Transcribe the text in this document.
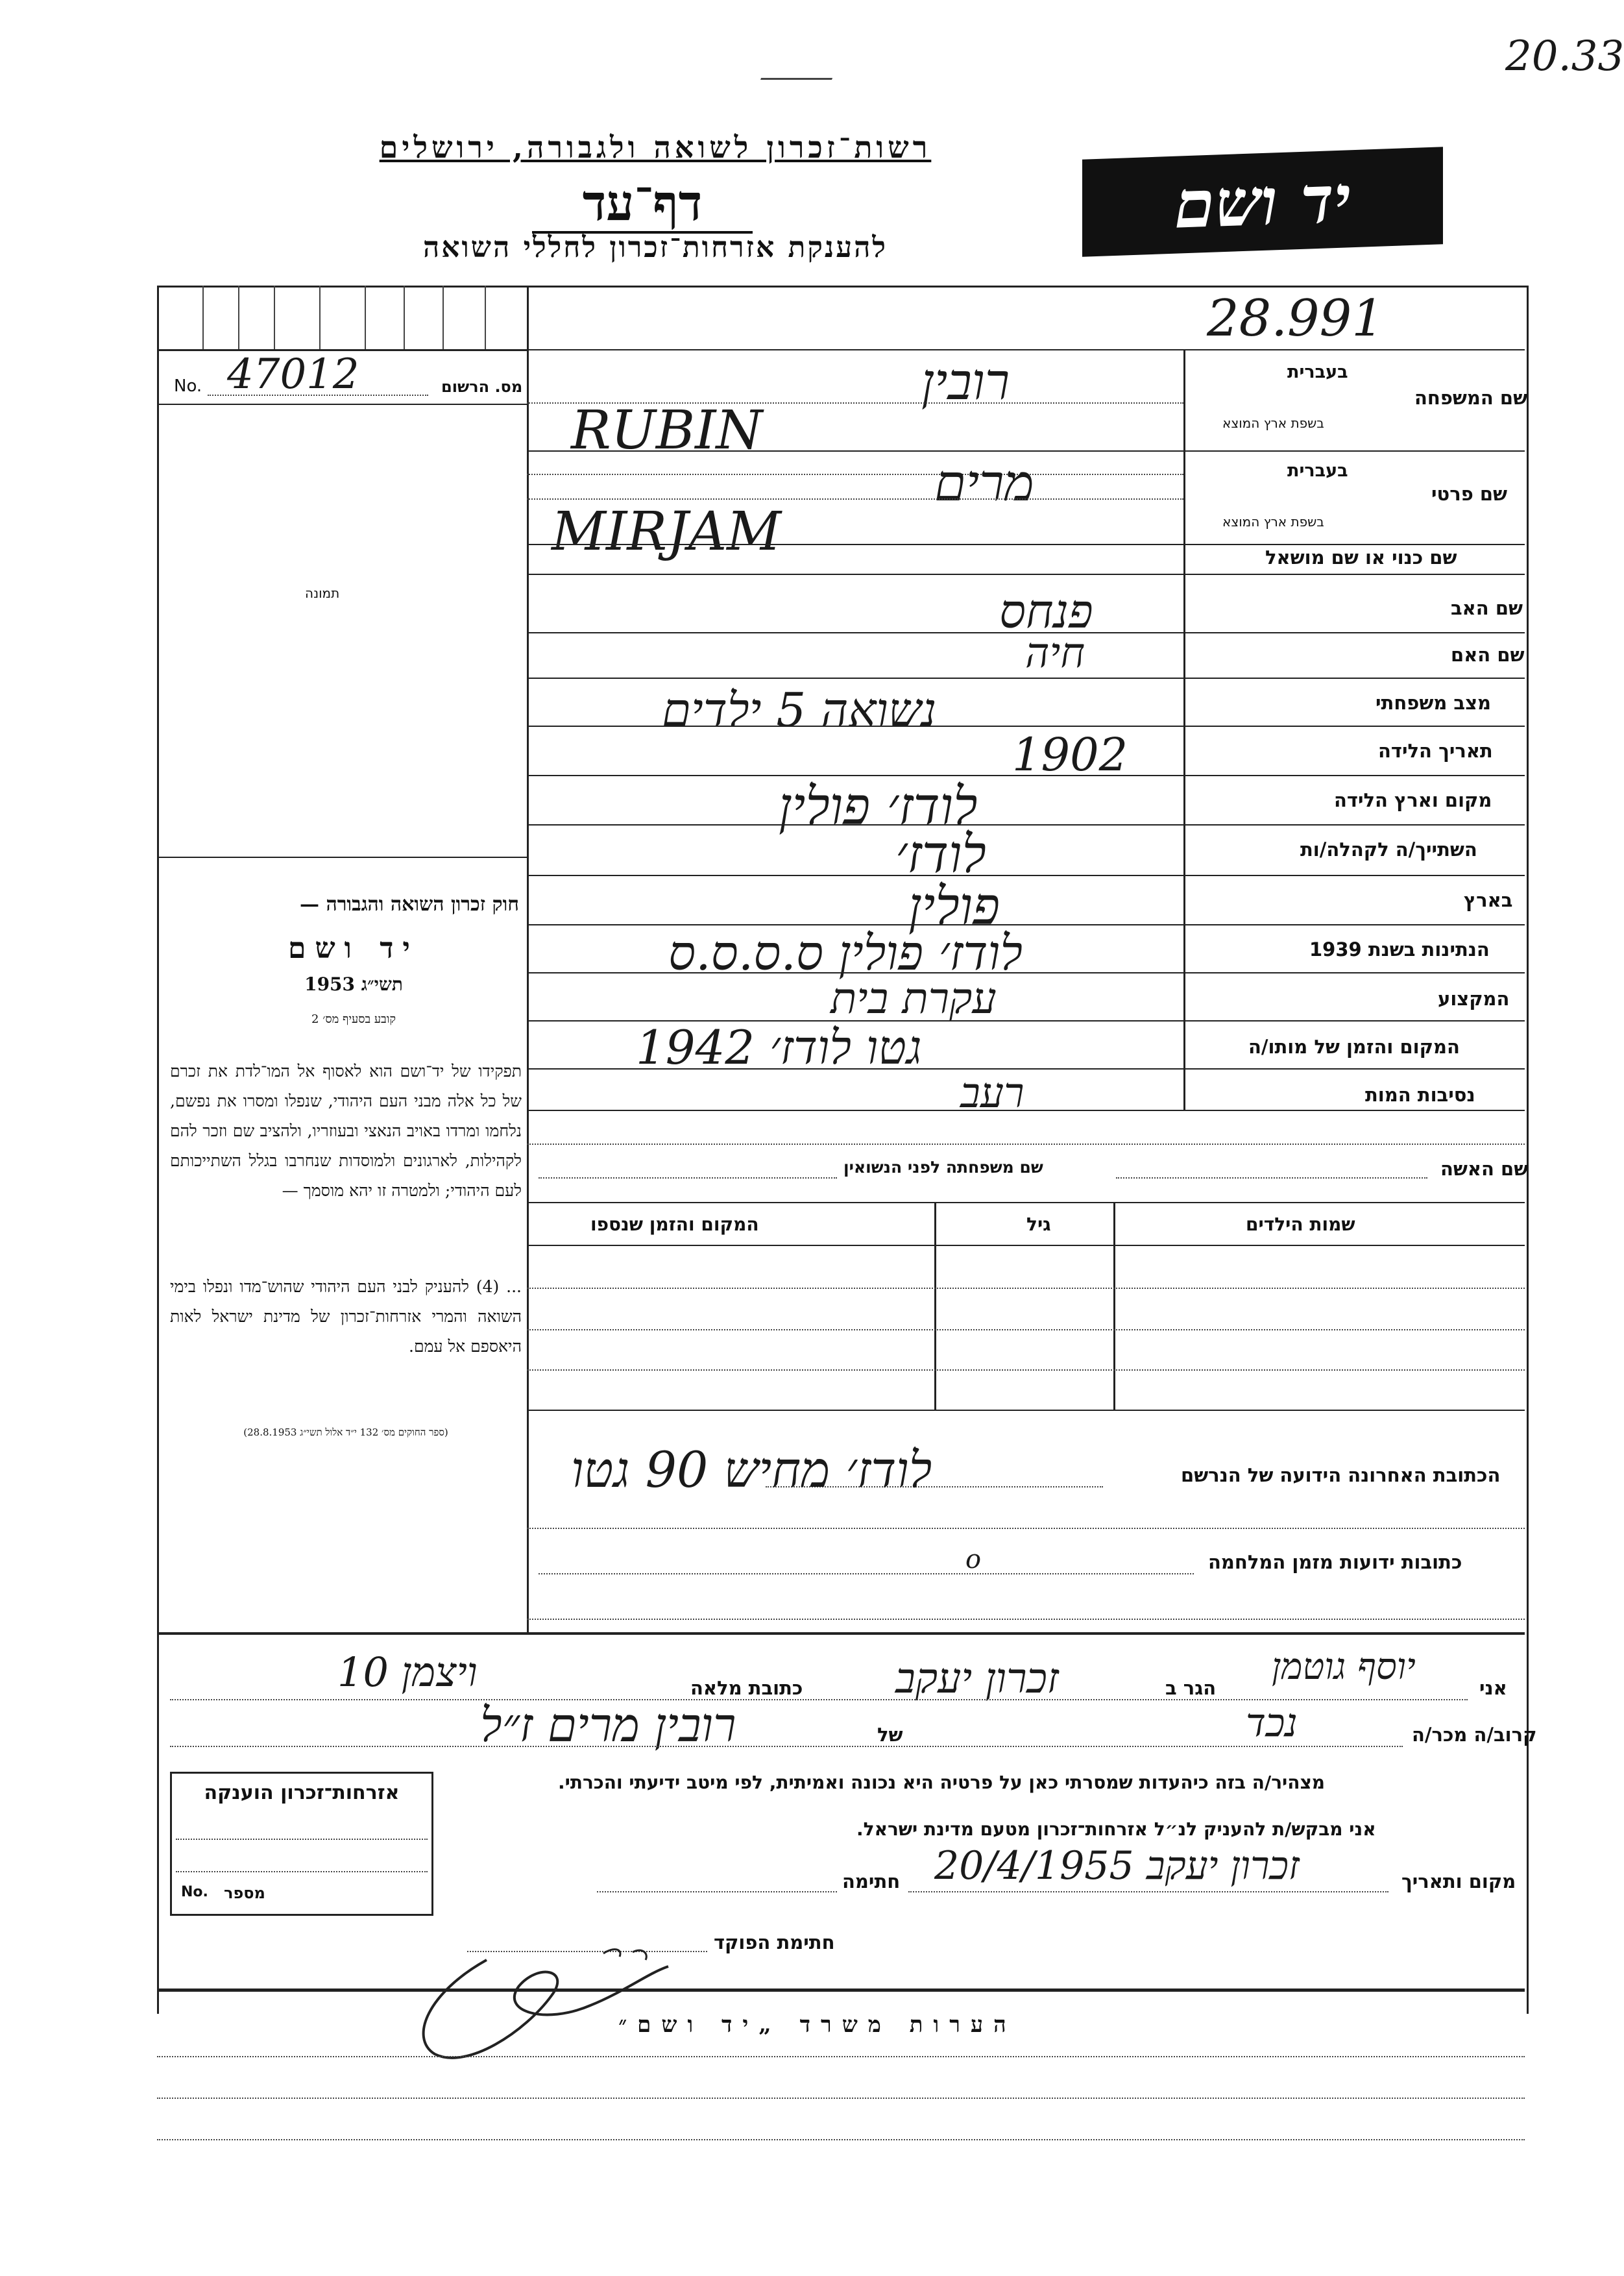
20.33
רשות־זכרון לשואה ולגבורה, ירושלים
דף־עד
להענקת אזרחות־זכרון לחללי השואה
יד ושם
28.991
מס. הרשום
No. 47012
תמונה
שם המשפחה
בעברית
בשפת ארץ המוצא
רובין
RUBIN
שם פרטי
בעברית
בשפת ארץ המוצא
מרים
MIRJAM	שם כנוי או שם מושאל
שם האב
פנחס
שם האם
חיה
מצב משפחתי
נשואה 5 ילדים
תאריך הלידה
1902
מקום וארץ הלידה
לודז׳ פולין
השתייך/ה לקהלה/ות
לודז׳
בארץ
פולין
הנתינות בשנת 1939
לודז׳ פולין ס.ס.ס.ס
המקצוע
עקרת בית
המקום והזמן של מותו/ה
גטו לודז׳ 1942
נסיבות המות
רעב
שם האשה
שם משפחתה לפני הנשואין
שמות הילדים
גיל
המקום והזמן שנספו
חוק זכרון השואה והגבורה —
יד ושם
תשי״ג 1953
קובע בסעיף מס׳ 2
תפקידו של יד־ושם הוא לאסוף אל המו־לדת את זכרם של כל אלה מבני העם היהודי, שנפלו ומסרו את נפשם, נלחמו ומרדו באויב הנאצי ובעוזריו, ולהציב שם וזכר להם לקהילות, לארגונים ולמוסדות שנחרבו בגלל השתייכותם לעם היהודי; ולמטרה זו יהא מוסמך —
... (4) להעניק לבני העם היהודי שהוש־מדו ונפלו בימי השואה והמרי אזרחות־זכרון של מדינת ישראל לאות היאספם אל עמם.
(ספר החוקים מס׳ 132 י״ד אלול תשי״ג 28.8.1953)
הכתובת האחרונה הידועה של הנרשם
לודז׳ מחיש 90 גטו
כתובות ידועות מזמן המלחמה
o
אני
יוסף גוטמן
הגר ב
זכרון יעקב
כתובת מלאה
ויצמן 10
קרוב/ה מכר/ה
נכד
של
רובין מרים ז״ל
מצהיר/ה בזה כיהעדות שמסרתי כאן על פרטיה היא נכונה ואמיתית, לפי מיטב ידיעתי והכרתי.
אני מבקש/ת להעניק לנ״ל אזרחות־זכרון מטעם מדינת ישראל.
מקום ותאריך
זכרון יעקב 20/4/1955
חתימה
חתימת הפוקד
אזרחות־זכרון הוענקה
מספר
No.
הערות משרד „יד ושם״
